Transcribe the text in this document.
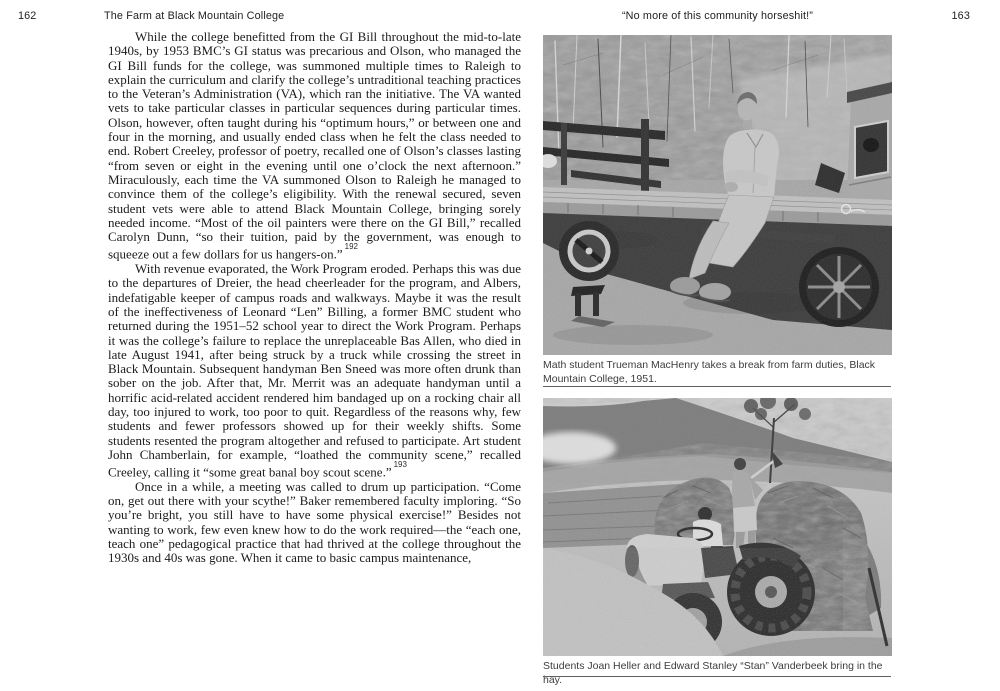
162	The Farm at Black Mountain College	“No more of this community horseshit!”	163

While the college benefitted from the GI Bill throughout the mid-to-late 1940s, by 1953 BMC’s GI status was precarious and Olson, who managed the GI Bill funds for the college, was summoned multiple times to Raleigh to explain the curriculum and clarify the college’s untraditional teaching practices to the Veteran’s Administration (VA), which ran the initiative. The VA wanted vets to take particular classes in particular sequences during particular times. Olson, however, often taught during his “optimum hours,” or between one and four in the morning, and usually ended class when he felt the class needed to end. Robert Creeley, professor of poetry, recalled one of Olson’s classes lasting “from seven or eight in the evening until one o’clock the next afternoon.” Miraculously, each time the VA summoned Olson to Raleigh he managed to convince them of the college’s eligibility. With the renewal secured, seven student vets were able to attend Black Mountain College, bringing sorely needed income. “Most of the oil painters were there on the GI Bill,” recalled Carolyn Dunn, “so their tuition, paid by the government, was enough to squeeze out a few dollars for us hangers-on.” $^{192}$

With revenue evaporated, the Work Program eroded. Perhaps this was due to the departures of Dreier, the head cheerleader for the program, and Albers, indefatigable keeper of campus roads and walkways. Maybe it was the result of the ineffectiveness of Leonard “Len” Billing, a former BMC student who returned during the 1951–52 school year to direct the Work Program. Perhaps it was the college’s failure to replace the unreplaceable Bas Allen, who died in late August 1941, after being struck by a truck while crossing the street in Black Mountain. Subsequent handyman Ben Sneed was more often drunk than sober on the job. After that, Mr. Merrit was an adequate handyman until a horrific acid-related accident rendered him bandaged up on a rocking chair all day, too injured to work, too poor to quit. Regardless of the reasons why, few students and fewer professors showed up for their weekly shifts. Some students resented the program altogether and refused to participate. Art student John Chamberlain, for example, “loathed the community scene,” recalled Creeley, calling it “some great banal boy scout scene.” $^{193}$

Once in a while, a meeting was called to drum up participation. “Come on, get out there with your scythe!” Baker remembered faculty imploring. “So you’re bright, you still have to have some physical exercise!” Besides not wanting to work, few even knew how to do the work required—the “each one, teach one” pedagogical practice that had thrived at the college throughout the 1930s and 40s was gone. When it came to basic campus maintenance,

Math student Trueman MacHenry takes a break from farm duties, Black Mountain College, 1951.
Students Joan Heller and Edward Stanley “Stan” Vanderbeek bring in the hay.
